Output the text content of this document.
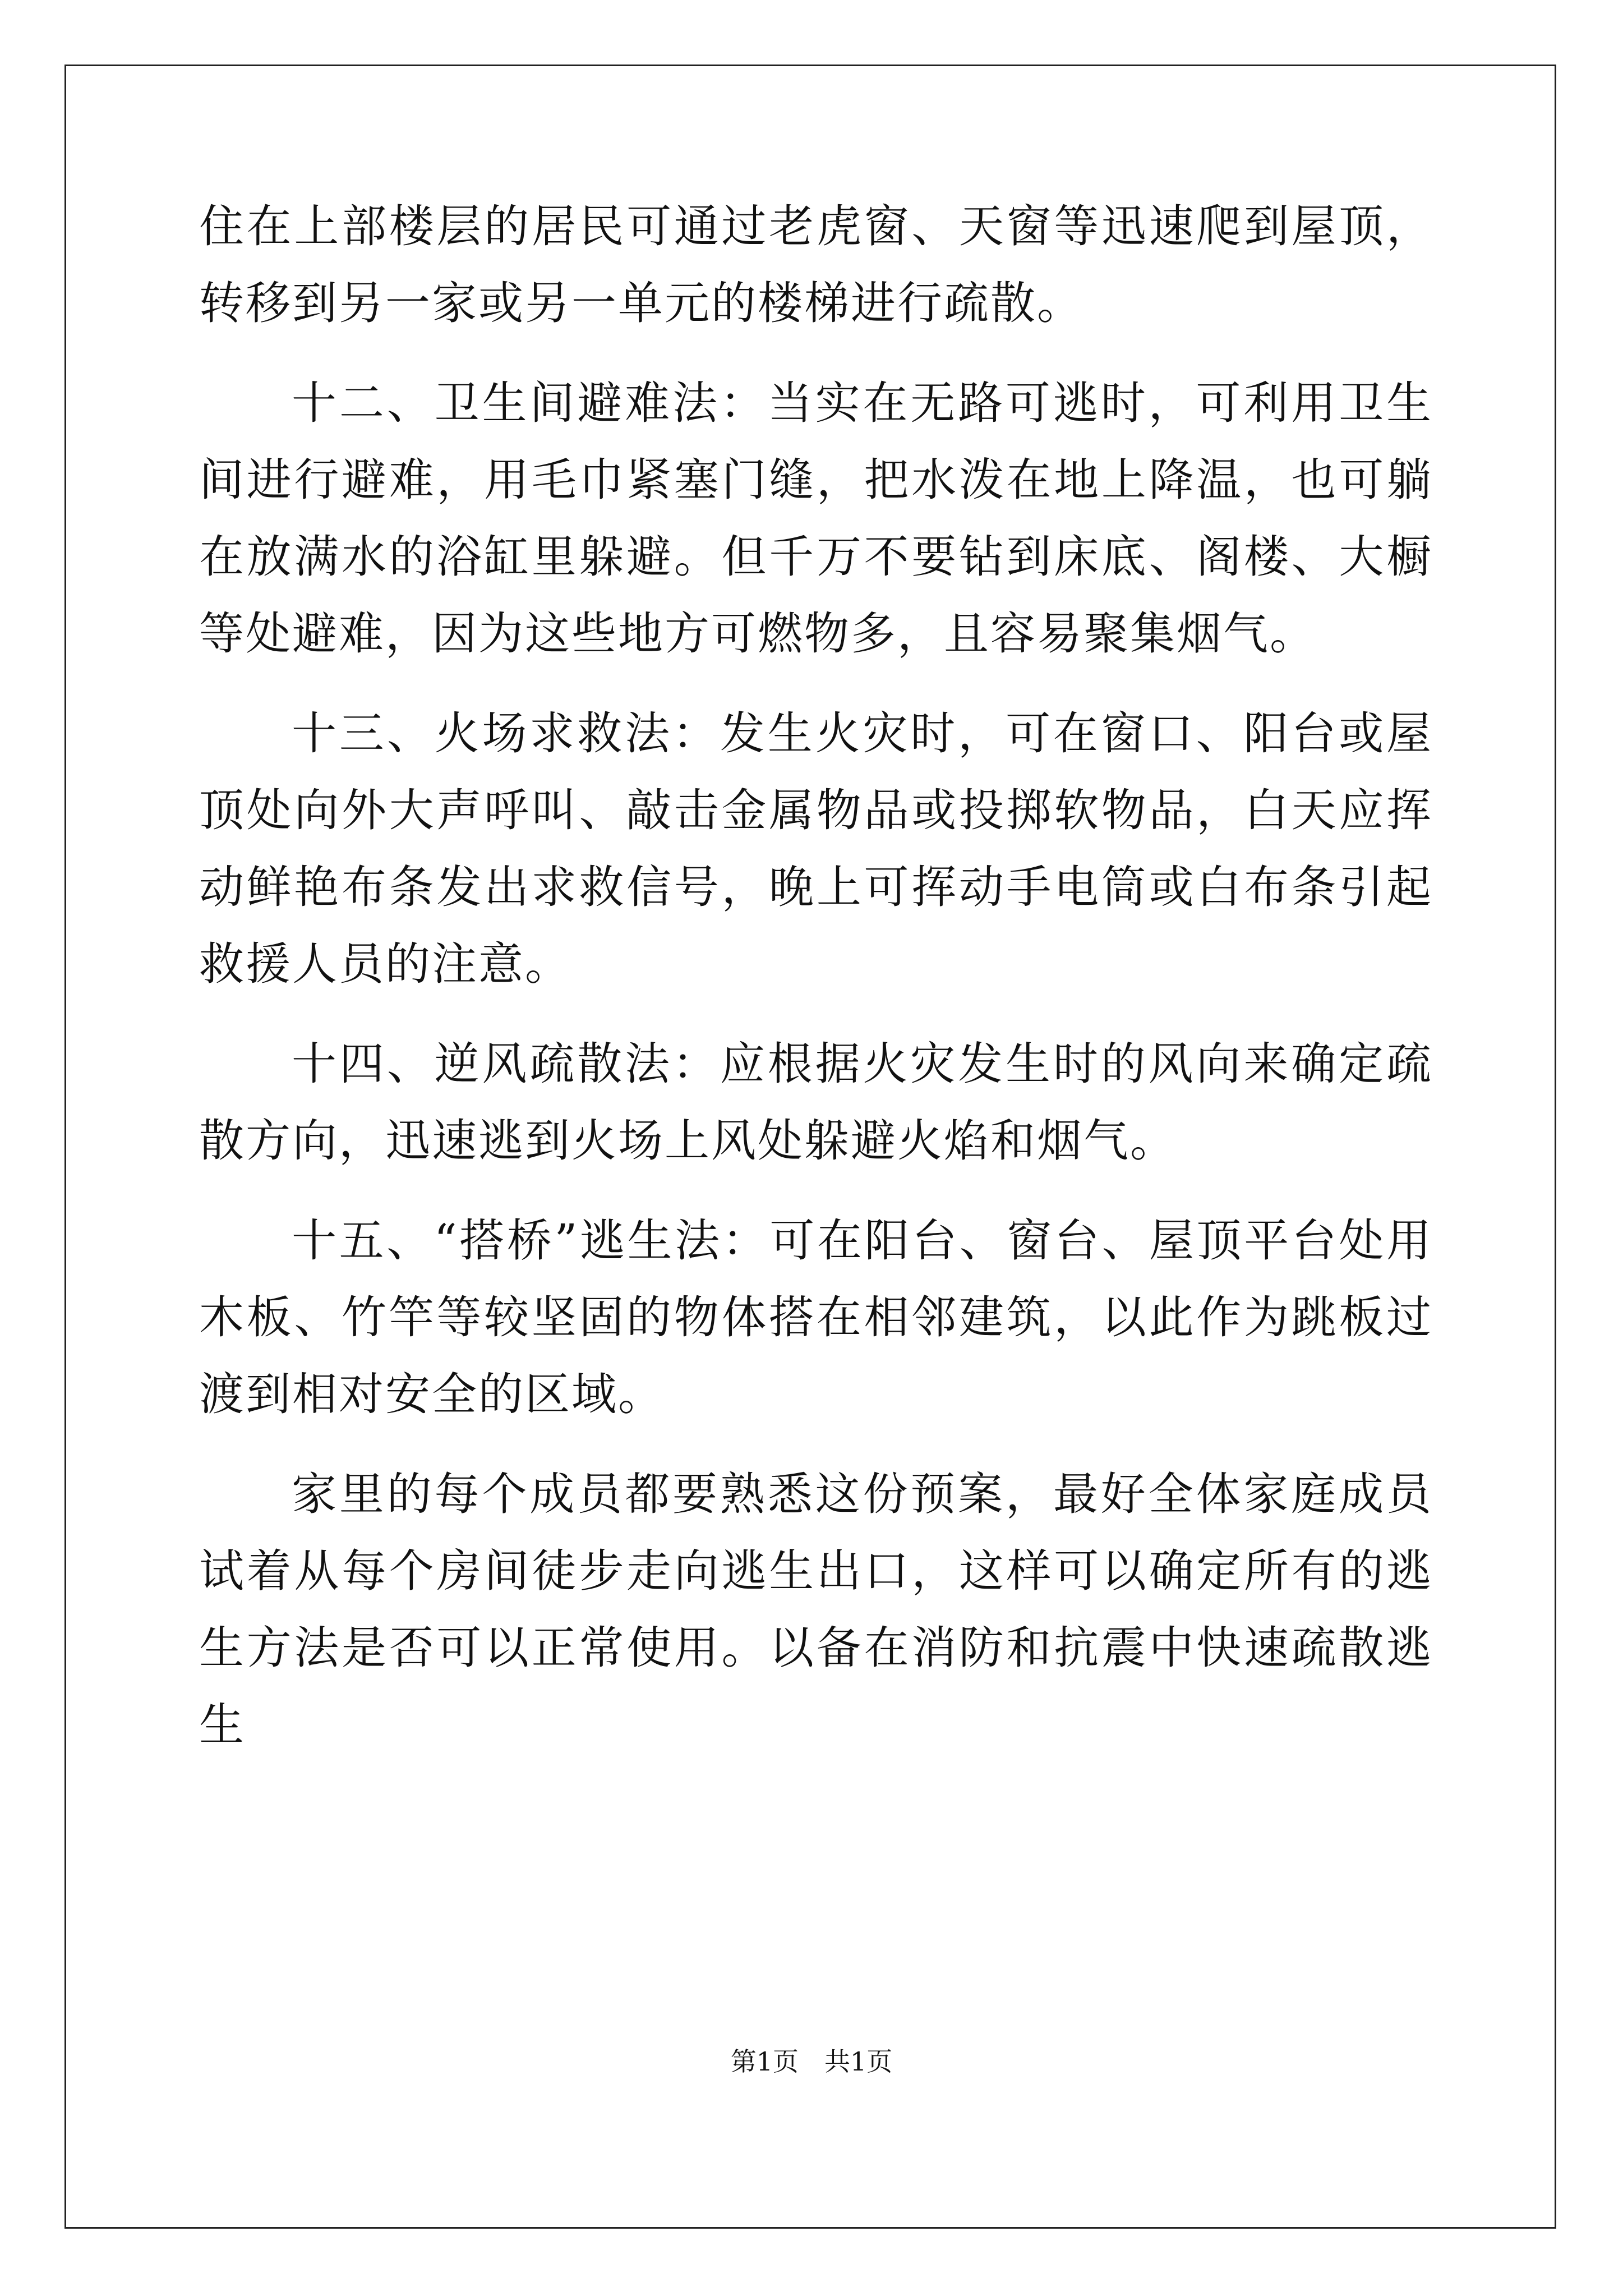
住在上部楼层的居民可通过老虎窗、天窗等迅速爬到屋顶，转移到另一家或另一单元的楼梯进行疏散。

十二、卫生间避难法：当实在无路可逃时，可利用卫生间进行避难，用毛巾紧塞门缝，把水泼在地上降温，也可躺在放满水的浴缸里躲避。但千万不要钻到床底、阁楼、大橱等处避难，因为这些地方可燃物多，且容易聚集烟气。

十三、火场求救法：发生火灾时，可在窗口、阳台或屋顶处向外大声呼叫、敲击金属物品或投掷软物品，白天应挥动鲜艳布条发出求救信号，晚上可挥动手电筒或白布条引起救援人员的注意。

十四、逆风疏散法：应根据火灾发生时的风向来确定疏散方向，迅速逃到火场上风处躲避火焰和烟气。

十五、“搭桥”逃生法：可在阳台、窗台、屋顶平台处用木板、竹竿等较坚固的物体搭在相邻建筑，以此作为跳板过渡到相对安全的区域。

家里的每个成员都要熟悉这份预案，最好全体家庭成员试着从每个房间徒步走向逃生出口，这样可以确定所有的逃生方法是否可以正常使用。以备在消防和抗震中快速疏散逃生

第1页　共1页
